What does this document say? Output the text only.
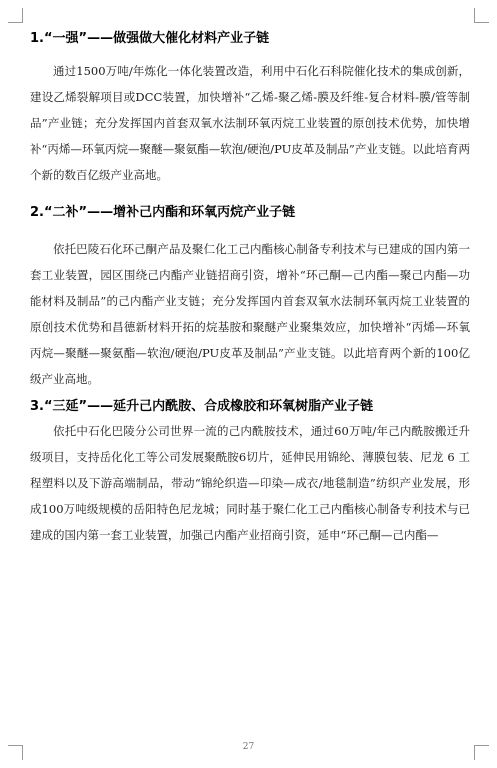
1.“一强”——做强做大催化材料产业子链

通过1500万吨/年炼化一体化装置改造，利用中石化石科院催化技术的集成创新，建设乙烯裂解项目或DCC装置，加快增补“乙烯-聚乙烯-膜及纤维-复合材料-膜/管等制品”产业链；充分发挥国内首套双氧水法制环氧丙烷工业装置的原创技术优势，加快增补“丙烯—环氧丙烷—聚醚—聚氨酯—软泡/硬泡/PU皮革及制品”产业支链。以此培育两个新的数百亿级产业高地。

2.“二补”——增补己内酯和环氧丙烷产业子链

依托巴陵石化环己酮产品及聚仁化工己内酯核心制备专利技术与已建成的国内第一套工业装置，园区围绕己内酯产业链招商引资，增补“环己酮—己内酯—聚己内酯—功能材料及制品”的己内酯产业支链；充分发挥国内首套双氧水法制环氧丙烷工业装置的原创技术优势和昌德新材料开拓的烷基胺和聚醚产业聚集效应，加快增补“丙烯—环氧丙烷—聚醚—聚氨酯—软泡/硬泡/PU皮革及制品”产业支链。以此培育两个新的100亿级产业高地。

3.“三延”——延升己内酰胺、合成橡胶和环氧树脂产业子链

依托中石化巴陵分公司世界一流的己内酰胺技术，通过60万吨/年己内酰胺搬迁升级项目，支持岳化化工等公司发展聚酰胺6切片，延伸民用锦纶、薄膜包装、尼龙 6 工程塑料以及下游高端制品，带动“锦纶织造—印染—成衣/地毯制造”纺织产业发展，形成100万吨级规模的岳阳特色尼龙城；同时基于聚仁化工己内酯核心制备专利技术与已建成的国内第一套工业装置，加强己内酯产业招商引资，延申“环己酮—己内酯—

27
